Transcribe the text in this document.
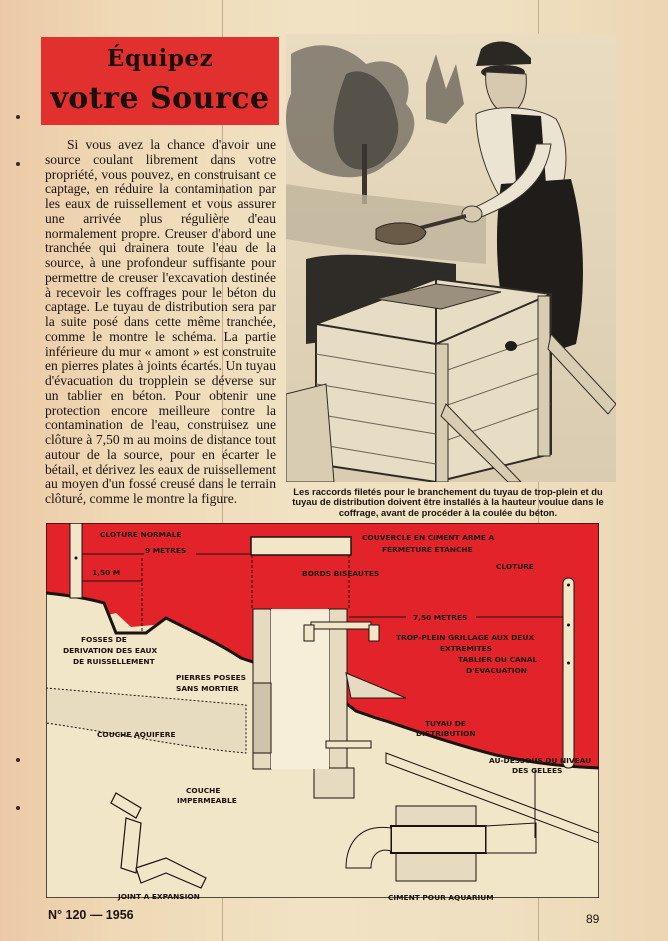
Équipez
votre Source
Si vous avez la chance d'avoir une source coulant librement dans votre propriété, vous pouvez, en construisant ce captage, en réduire la contamination par les eaux de ruissellement et vous assurer une arrivée plus régulière d'eau normalement propre. Creuser d'abord une tranchée qui drainera toute l'eau de la source, à une profondeur suffisante pour permettre de creuser l'excavation destinée à recevoir les coffrages pour le béton du captage. Le tuyau de distribution sera par la suite posé dans cette même tranchée, comme le montre le schéma. La partie inférieure du mur « amont » est construite en pierres plates à joints écartés. Un tuyau d'évacuation du tropplein se déverse sur un tablier en béton. Pour obtenir une protection encore meilleure contre la contamination de l'eau, construisez une clôture à 7,50 m au moins de distance tout autour de la source, pour en écarter le bétail, et dérivez les eaux de ruissellement au moyen d'un fossé creusé dans le terrain clôturé, comme le montre la figure.	Les raccords filetés pour le branchement du tuyau de trop-plein et du tuyau de distribution doivent être installés à la hauteur voulue dans le coffrage, avant de procéder à la coulée du béton.
CLOTURE NORMALE
9 METRES
1,50 M
COUVERCLE EN CIMENT ARME A
FERMETURE ETANCHE
BORDS BISEAUTES
CLOTURE
7,50 METRES
TROP-PLEIN GRILLAGE AUX DEUX
EXTREMITES
TABLIER OU CANAL
D'EVACUATION
FOSSES DE
DERIVATION DES EAUX
DE RUISSELLEMENT
PIERRES POSEES
SANS MORTIER
COUCHE AQUIFERE
TUYAU DE
DISTRIBUTION
AU-DESSOUS DU NIVEAU
DES GELEES
COUCHE
IMPERMEABLE
JOINT A EXPANSION	CIMENT POUR AQUARIUM
N° 120 — 1956	89
